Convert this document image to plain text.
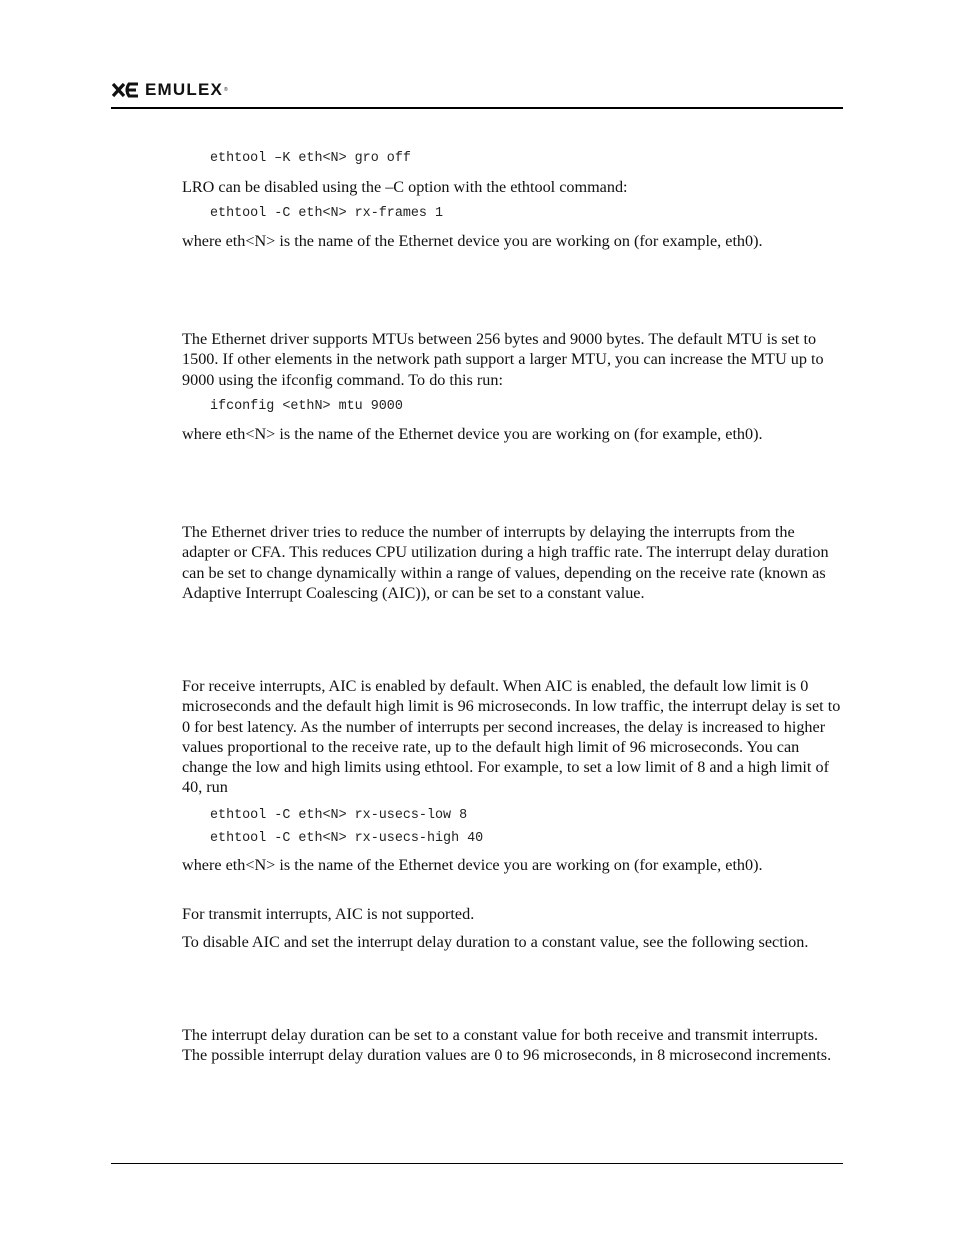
EMULEX ®
ethtool –K eth<N> gro off
LRO can be disabled using the –C option with the ethtool command:
ethtool -C eth<N> rx-frames 1
where eth<N> is the name of the Ethernet device you are working on (for example, eth0).
The Ethernet driver supports MTUs between 256 bytes and 9000 bytes. The default MTU is set to 1500. If other elements in the network path support a larger MTU, you can increase the MTU up to 9000 using the ifconfig command. To do this run:
ifconfig <ethN> mtu 9000
where eth<N> is the name of the Ethernet device you are working on (for example, eth0).
The Ethernet driver tries to reduce the number of interrupts by delaying the interrupts from the adapter or CFA. This reduces CPU utilization during a high traffic rate. The interrupt delay duration can be set to change dynamically within a range of values, depending on the receive rate (known as Adaptive Interrupt Coalescing (AIC)), or can be set to a constant value.
For receive interrupts, AIC is enabled by default. When AIC is enabled, the default low limit is 0 microseconds and the default high limit is 96 microseconds. In low traffic, the interrupt delay is set to 0 for best latency. As the number of interrupts per second increases, the delay is increased to higher values proportional to the receive rate, up to the default high limit of 96 microseconds. You can change the low and high limits using ethtool. For example, to set a low limit of 8 and a high limit of 40, run
ethtool -C eth<N> rx-usecs-low 8
ethtool -C eth<N> rx-usecs-high 40
where eth<N> is the name of the Ethernet device you are working on (for example, eth0).
For transmit interrupts, AIC is not supported.
To disable AIC and set the interrupt delay duration to a constant value, see the following section.
The interrupt delay duration can be set to a constant value for both receive and transmit interrupts. The possible interrupt delay duration values are 0 to 96 microseconds, in 8 microsecond increments.
